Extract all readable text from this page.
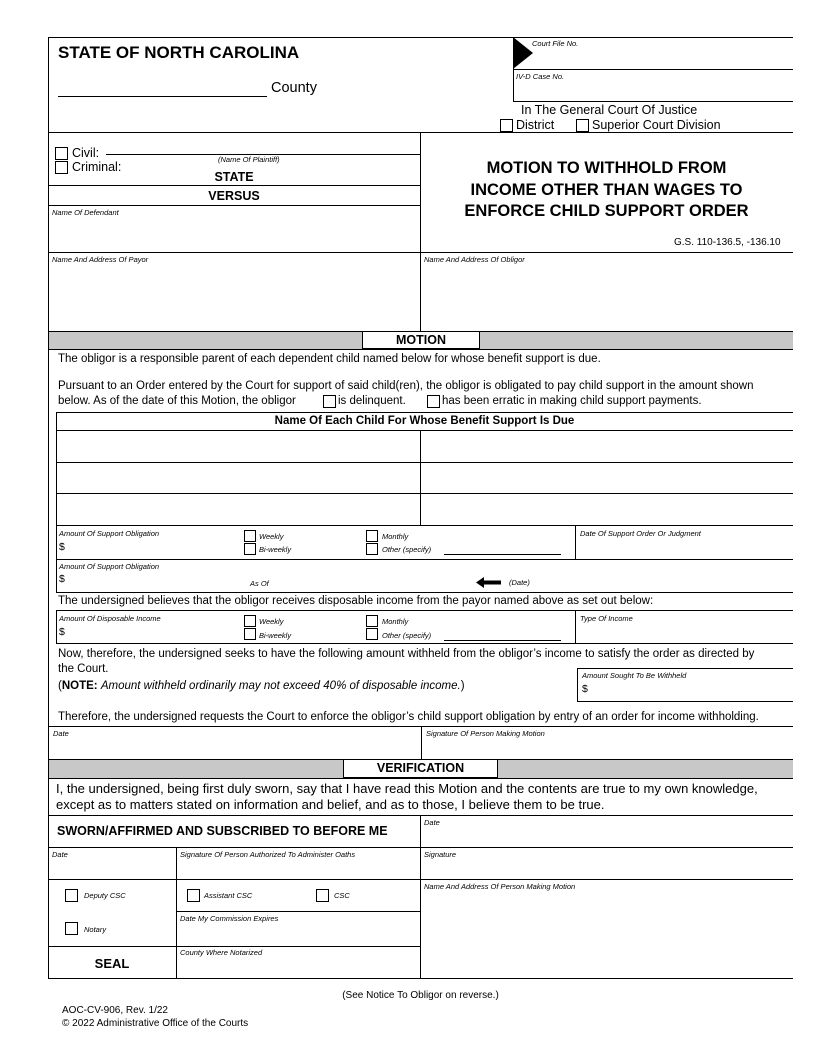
STATE OF NORTH CAROLINA
County
Court File No.
IV-D Case No.
In The General Court Of Justice
District	Superior Court Division
Civil:
Criminal:
(Name Of Plaintiff)
STATE
VERSUS
Name Of Defendant
Name And Address Of Payor	Name And Address Of Obligor
MOTION TO WITHHOLD FROM
INCOME OTHER THAN WAGES TO
ENFORCE CHILD SUPPORT ORDER
G.S. 110-136.5, -136.10
MOTION
The obligor is a responsible parent of each dependent child named below for whose benefit support is due.
Pursuant to an Order entered by the Court for support of said child(ren), the obligor is obligated to pay child support in the amount shown
below. As of the date of this Motion, the obligor	is delinquent.	has been erratic in making child support payments.
Name Of Each Child For Whose Benefit Support Is Due
Amount Of Support Obligation
$
Weekly
Bi-weekly
Monthly
Other (specify)
Date Of Support Order Or Judgment
Amount Of Support Obligation
$	As Of	(Date)
The undersigned believes that the obligor receives disposable income from the payor named above as set out below:
Amount Of Disposable Income
$
Weekly
Bi-weekly
Monthly
Other (specify)
Type Of Income
Now, therefore, the undersigned seeks to have the following amount withheld from the obligor’s income to satisfy the order as directed by
the Court.
(NOTE: Amount withheld ordinarily may not exceed 40% of disposable income.)
Amount Sought To Be Withheld
$
Therefore, the undersigned requests the Court to enforce the obligor’s child support obligation by entry of an order for income withholding.
Date	Signature Of Person Making Motion
VERIFICATION
I, the undersigned, being first duly sworn, say that I have read this Motion and the contents are true to my own knowledge,
except as to matters stated on information and belief, and as to those, I believe them to be true.
SWORN/AFFIRMED AND SUBSCRIBED TO BEFORE ME
Date
Date	Signature Of Person Authorized To Administer Oaths	Signature
Deputy CSC	Assistant CSC	CSC
Name And Address Of Person Making Motion
Notary
Date My Commission Expires
County Where Notarized
SEAL
(See Notice To Obligor on reverse.)
AOC-CV-906, Rev. 1/22
© 2022 Administrative Office of the Courts
